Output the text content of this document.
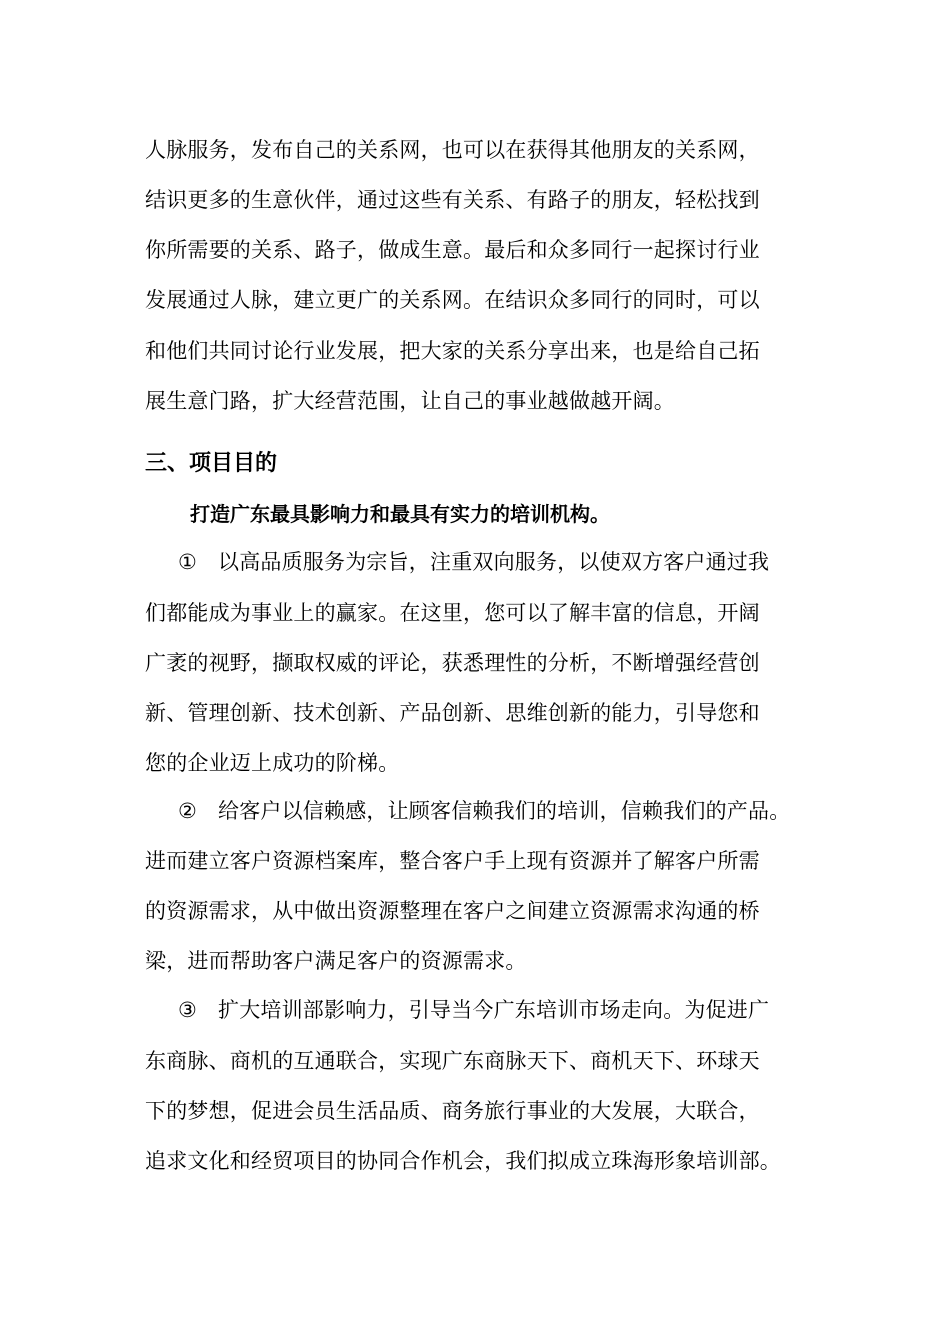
人脉服务，发布自己的关系网，也可以在获得其他朋友的关系网，
结识更多的生意伙伴，通过这些有关系、有路子的朋友，轻松找到
你所需要的关系、路子，做成生意。最后和众多同行一起探讨行业
发展通过人脉，建立更广的关系网。在结识众多同行的同时，可以
和他们共同讨论行业发展，把大家的关系分享出来，也是给自己拓
展生意门路，扩大经营范围，让自己的事业越做越开阔。
三、项目目的
打造广东最具影响力和最具有实力的培训机构。
① 以高品质服务为宗旨，注重双向服务，以使双方客户通过我
们都能成为事业上的赢家。在这里，您可以了解丰富的信息，开阔
广袤的视野，撷取权威的评论，获悉理性的分析，不断增强经营创
新、管理创新、技术创新、产品创新、思维创新的能力，引导您和
您的企业迈上成功的阶梯。
② 给客户以信赖感，让顾客信赖我们的培训，信赖我们的产品。
进而建立客户资源档案库，整合客户手上现有资源并了解客户所需
的资源需求，从中做出资源整理在客户之间建立资源需求沟通的桥
梁，进而帮助客户满足客户的资源需求。
③ 扩大培训部影响力，引导当今广东培训市场走向。为促进广
东商脉、商机的互通联合，实现广东商脉天下、商机天下、环球天
下的梦想，促进会员生活品质、商务旅行事业的大发展，大联合，
追求文化和经贸项目的协同合作机会，我们拟成立珠海形象培训部。
